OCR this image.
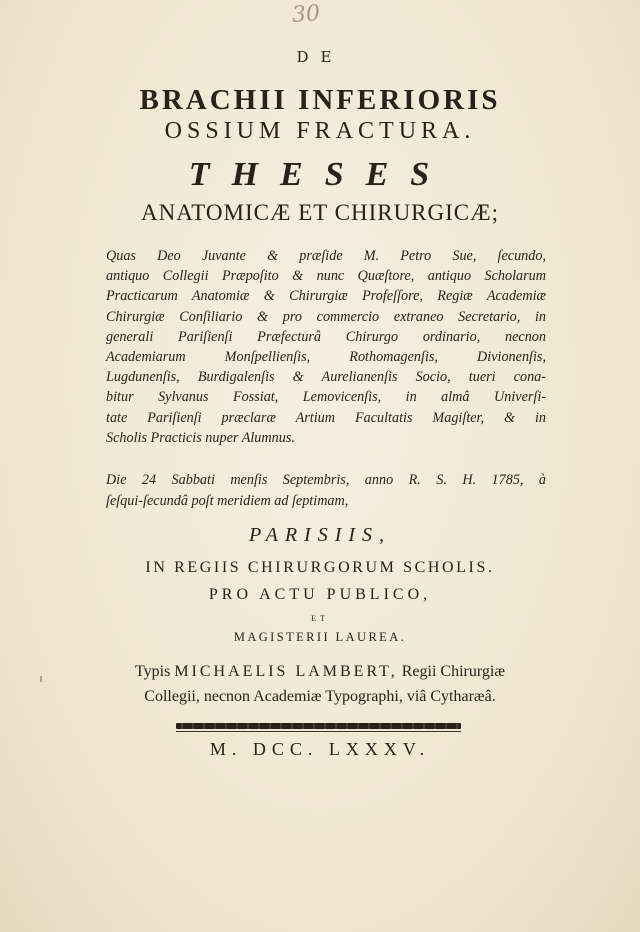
30
DE
BRACHII INFERIORIS
OSSIUM FRACTURA.
THESES
ANATOMICÆ ET CHIRURGICÆ;
Quas Deo Juvante & præſide M. Petro Sue, ſecundo,
antiquo Collegii Præpoſito & nunc Quæſtore, antiquo Scholarum
Practicarum Anatomiæ & Chirurgiæ Profeſſore, Regiæ Academiæ
Chirurgiæ Conſiliario & pro commercio extraneo Secretario, in
generali Pariſienſi Præfecturâ Chirurgo ordinario, necnon
Academiarum Monſpellienſis, Rothomagenſis, Divionenſis,
Lugdunenſis, Burdigalenſis & Aurelianenſis Socio, tueri cona-
bitur Sylvanus Fossiat, Lemovicenſis, in almâ Univerſi-
tate Pariſienſi præclaræ Artium Facultatis Magiſter, & in
Scholis Practicis nuper Alumnus.
Die 24 Sabbati menſis Septembris, anno R. S. H. 1785, à
ſeſqui-ſecundâ poſt meridiem ad ſeptimam,
PARISIIS,
IN REGIIS CHIRURGORUM SCHOLIS.
PRO ACTU PUBLICO,
ET
MAGISTERII LAUREA.
Typis MICHAELIS LAMBERT, Regii Chirurgiæ
Collegii, necnon Academiæ Typographi, viâ Cytharæâ.
M. DCC. LXXXV.
